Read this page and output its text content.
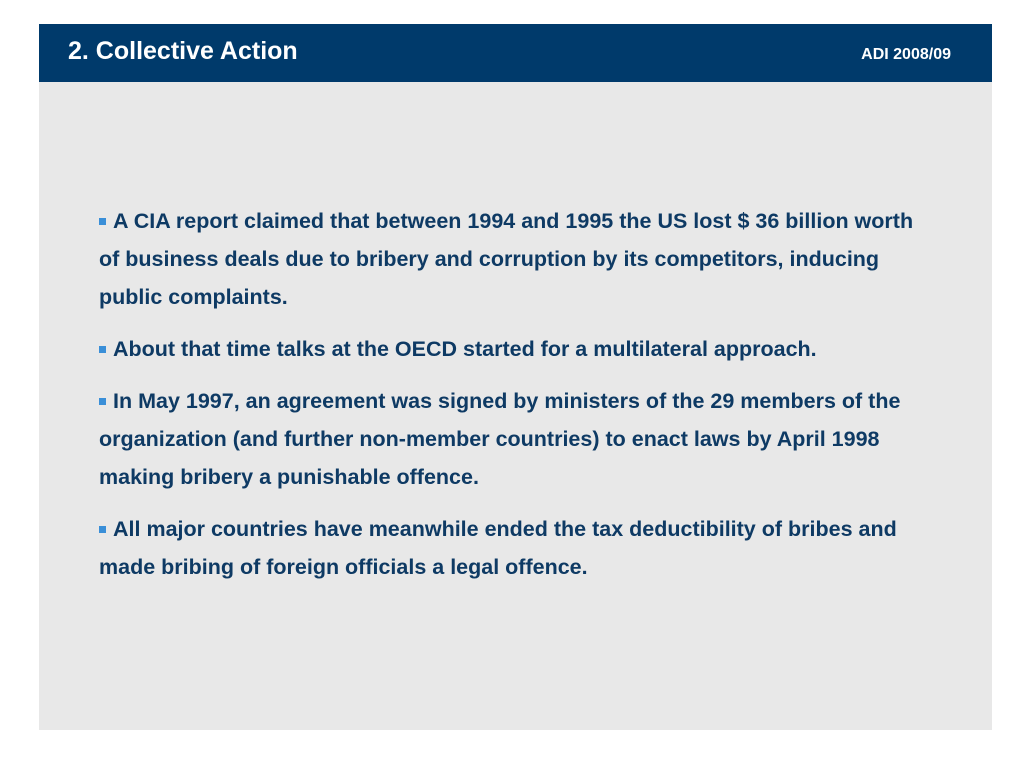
2. Collective Action	ADI 2008/09
A CIA report claimed that between 1994 and 1995 the US lost $ 36 billion worth of business deals due to bribery and corruption by its competitors, inducing public complaints.
About that time talks at the OECD started for a multilateral approach.
In May 1997, an agreement was signed by ministers of the 29 members of the organization (and further non-member countries) to enact laws by April 1998 making bribery a punishable offence.
All major countries have meanwhile ended the tax deductibility of bribes and made bribing of foreign officials a legal offence.
